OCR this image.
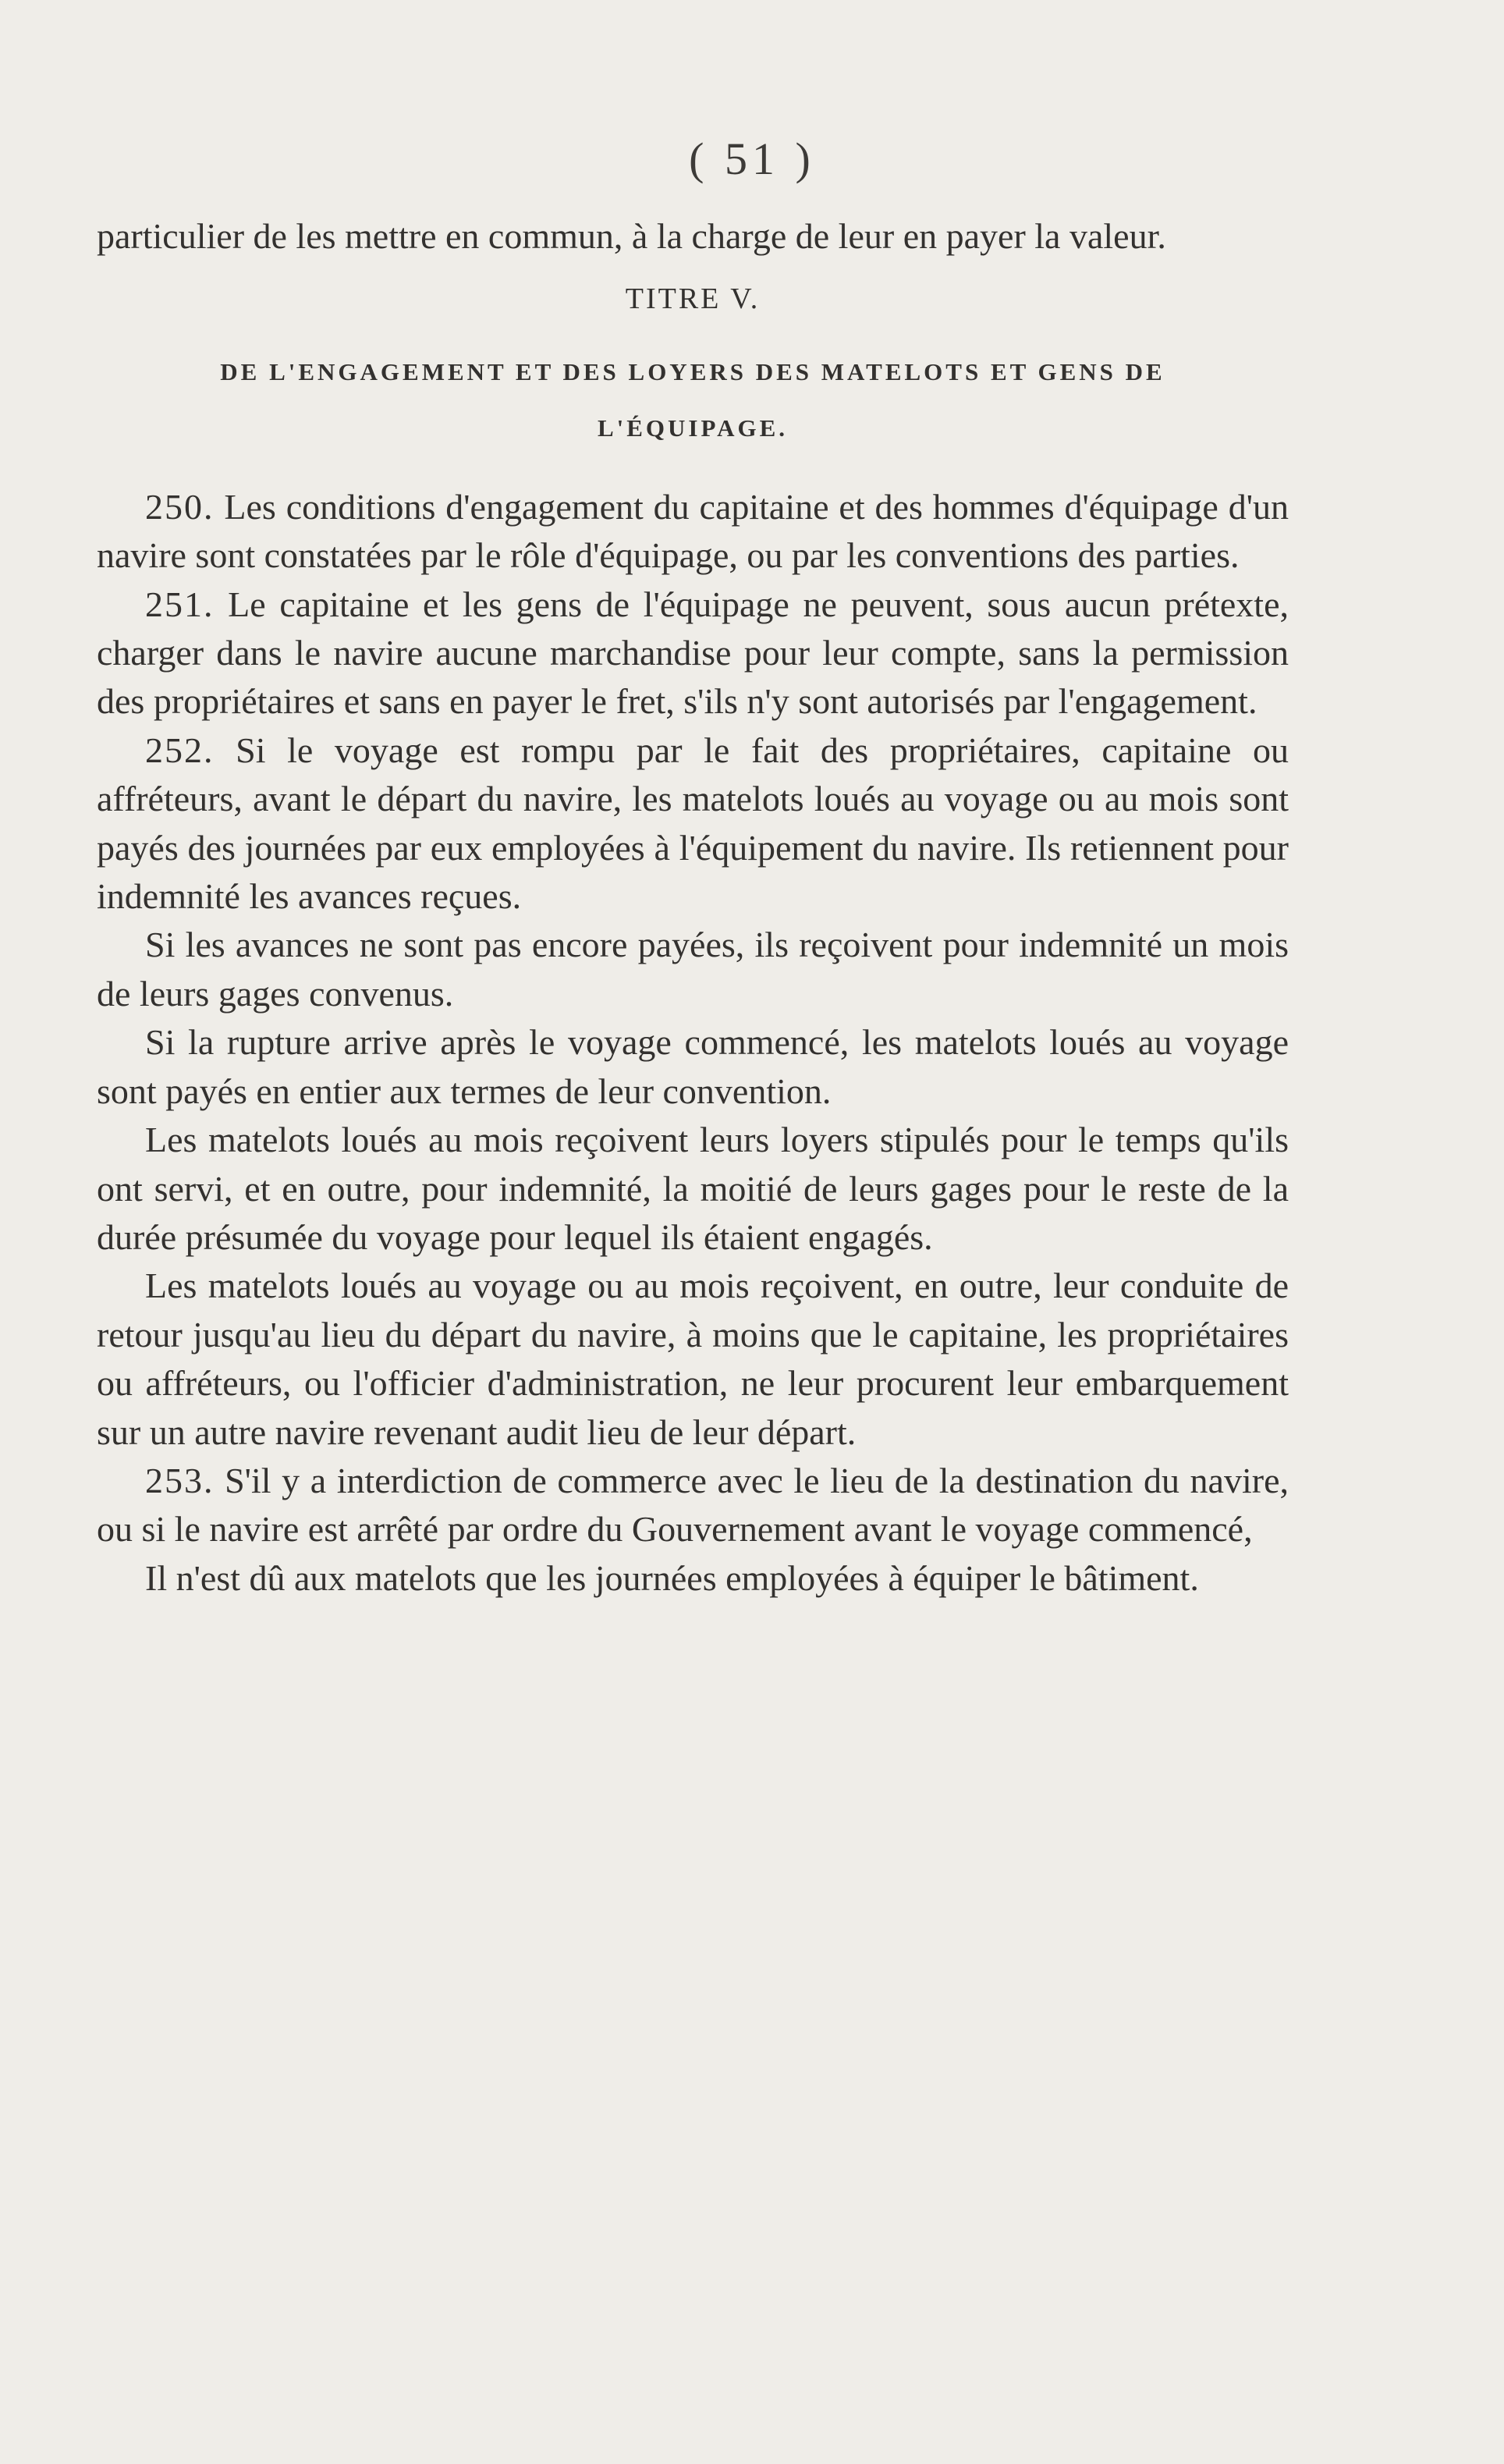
( 51 )

particulier de les mettre en commun, à la charge de leur en payer la valeur.

TITRE V.

DE L'ENGAGEMENT ET DES LOYERS DES MATELOTS ET GENS DE L'ÉQUIPAGE.

250. Les conditions d'engagement du capitaine et des hommes d'équipage d'un navire sont constatées par le rôle d'équipage, ou par les conventions des parties.

251. Le capitaine et les gens de l'équipage ne peuvent, sous aucun prétexte, charger dans le navire aucune marchandise pour leur compte, sans la permission des propriétaires et sans en payer le fret, s'ils n'y sont autorisés par l'engagement.

252. Si le voyage est rompu par le fait des propriétaires, capitaine ou affréteurs, avant le départ du navire, les matelots loués au voyage ou au mois sont payés des journées par eux employées à l'équipement du navire. Ils retiennent pour indemnité les avances reçues.

Si les avances ne sont pas encore payées, ils reçoivent pour indemnité un mois de leurs gages convenus.

Si la rupture arrive après le voyage commencé, les matelots loués au voyage sont payés en entier aux termes de leur convention.

Les matelots loués au mois reçoivent leurs loyers stipulés pour le temps qu'ils ont servi, et en outre, pour indemnité, la moitié de leurs gages pour le reste de la durée présumée du voyage pour lequel ils étaient engagés.

Les matelots loués au voyage ou au mois reçoivent, en outre, leur conduite de retour jusqu'au lieu du départ du navire, à moins que le capitaine, les propriétaires ou affréteurs, ou l'officier d'administration, ne leur procurent leur embarquement sur un autre navire revenant audit lieu de leur départ.

253. S'il y a interdiction de commerce avec le lieu de la destination du navire, ou si le navire est arrêté par ordre du Gouvernement avant le voyage commencé,

Il n'est dû aux matelots que les journées employées à équiper le bâtiment.
